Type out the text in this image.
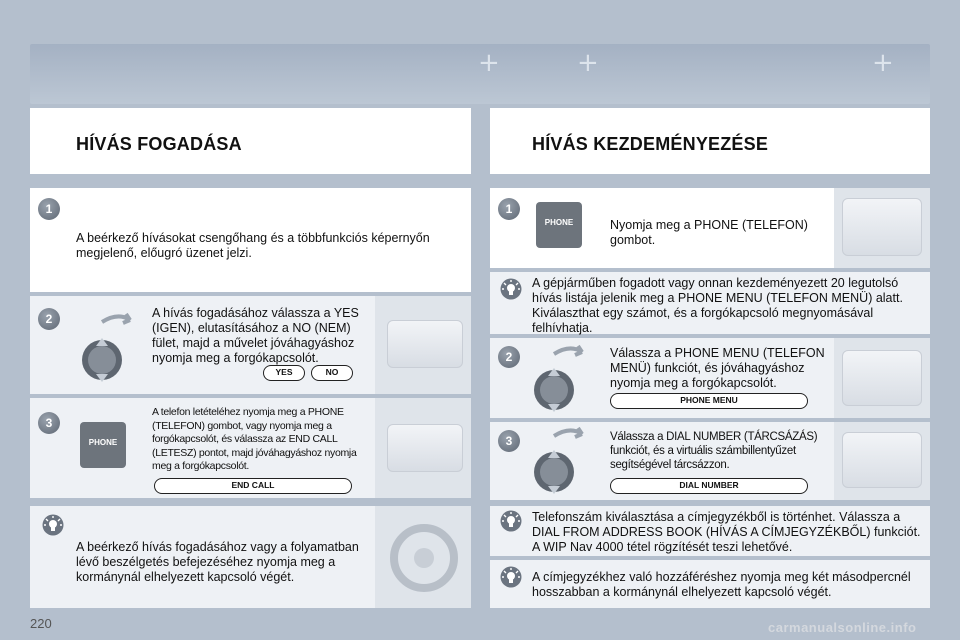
+	+	+
HÍVÁS FOGADÁSA
1
A beérkező hívásokat csengőhang és a többfunkciós képernyőn megjelenő, előugró üzenet jelzi.
2	A hívás fogadásához válassza a YES (IGEN), elutasításához a NO (NEM) fület, majd a művelet jóváhagyáshoz nyomja meg a forgókapcsolót.
YES	NO
3
PHONE
A telefon letételéhez nyomja meg a PHONE (TELEFON) gombot, vagy nyomja meg a forgókapcsolót, és válassza az END CALL (LETESZ) pontot, majd jóváhagyáshoz nyomja meg a forgókapcsolót.
END CALL
A beérkező hívás fogadásához vagy a folyamatban lévő beszélgetés befejezéséhez nyomja meg a kormánynál elhelyezett kapcsoló végét.
HÍVÁS KEZDEMÉNYEZÉSE
1
PHONE	Nyomja meg a PHONE (TELEFON) gombot.
A gépjárműben fogadott vagy onnan kezdeményezett 20 legutolsó hívás listája jelenik meg a PHONE MENU (TELEFON MENÜ) alatt. Kiválaszthat egy számot, és a forgókapcsoló megnyomásával felhívhatja.
2	Válassza a PHONE MENU (TELEFON MENÜ) funkciót, és jóváhagyáshoz nyomja meg a forgókapcsolót.
PHONE MENU
3	Válassza a DIAL NUMBER (TÁRCSÁZÁS) funkciót, és a virtuális számbillentyűzet segítségével tárcsázzon.
DIAL NUMBER
Telefonszám kiválasztása a címjegyzékből is történhet. Válassza a DIAL FROM ADDRESS BOOK (HÍVÁS A CÍMJEGYZÉKBŐL) funkciót. A WIP Nav 4000 tétel rögzítését teszi lehetővé.
A címjegyzékhez való hozzáféréshez nyomja meg két másodpercnél hosszabban a kormánynál elhelyezett kapcsoló végét.
220	carmanualsonline.info
